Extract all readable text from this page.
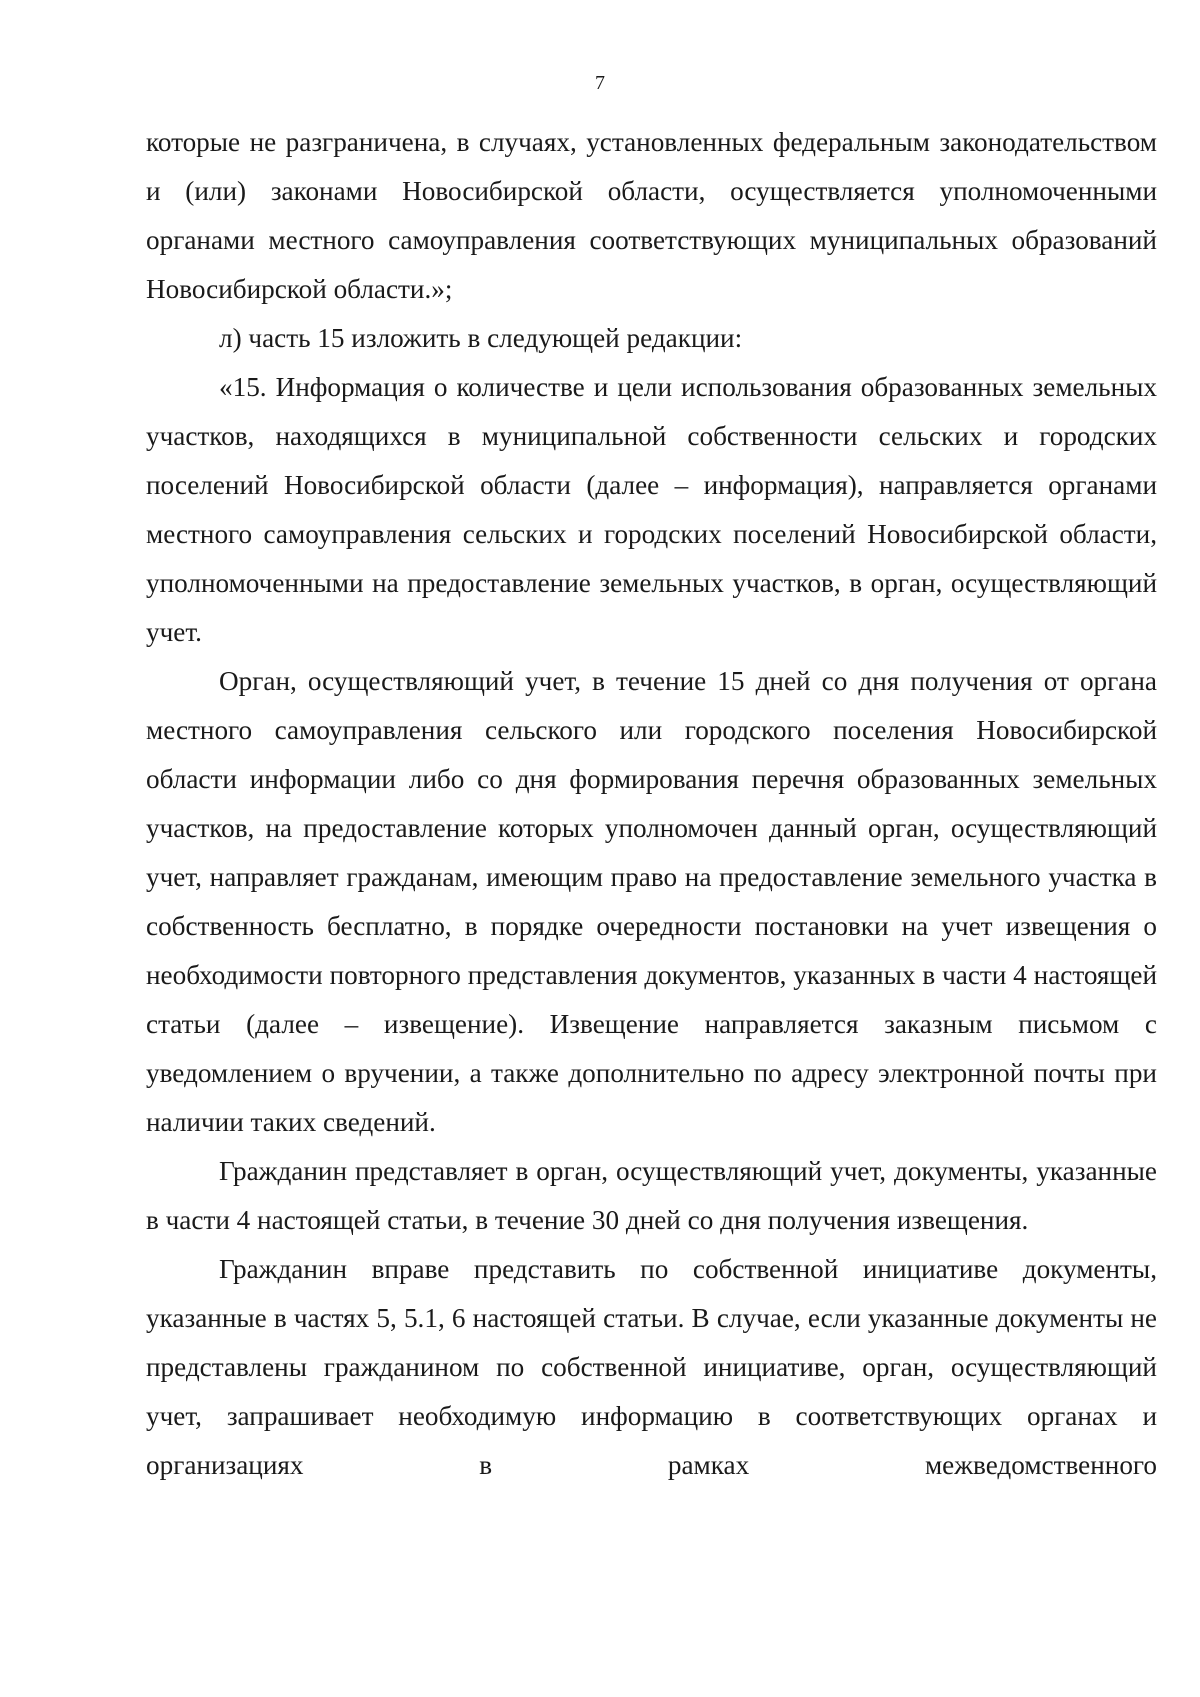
7

которые не разграничена, в случаях, установленных федеральным законодательством и (или) законами Новосибирской области, осуществляется уполномоченными органами местного самоуправления соответствующих муниципальных образований Новосибирской области.»;

л) часть 15 изложить в следующей редакции:

«15. Информация о количестве и цели использования образованных земельных участков, находящихся в муниципальной собственности сельских и городских поселений Новосибирской области (далее – информация), направляется органами местного самоуправления сельских и городских поселений Новосибирской области, уполномоченными на предоставление земельных участков, в орган, осуществляющий учет.

Орган, осуществляющий учет, в течение 15 дней со дня получения от органа местного самоуправления сельского или городского поселения Новосибирской области информации либо со дня формирования перечня образованных земельных участков, на предоставление которых уполномочен данный орган, осуществляющий учет, направляет гражданам, имеющим право на предоставление земельного участка в собственность бесплатно, в порядке очередности постановки на учет извещения о необходимости повторного представления документов, указанных в части 4 настоящей статьи (далее – извещение). Извещение направляется заказным письмом с уведомлением о вручении, а также дополнительно по адресу электронной почты при наличии таких сведений.

Гражданин представляет в орган, осуществляющий учет, документы, указанные в части 4 настоящей статьи, в течение 30 дней со дня получения извещения.

Гражданин вправе представить по собственной инициативе документы, указанные в частях 5, 5.1, 6 настоящей статьи. В случае, если указанные документы не представлены гражданином по собственной инициативе, орган, осуществляющий учет, запрашивает необходимую информацию в соответствующих органах и организациях в рамках межведомственного
